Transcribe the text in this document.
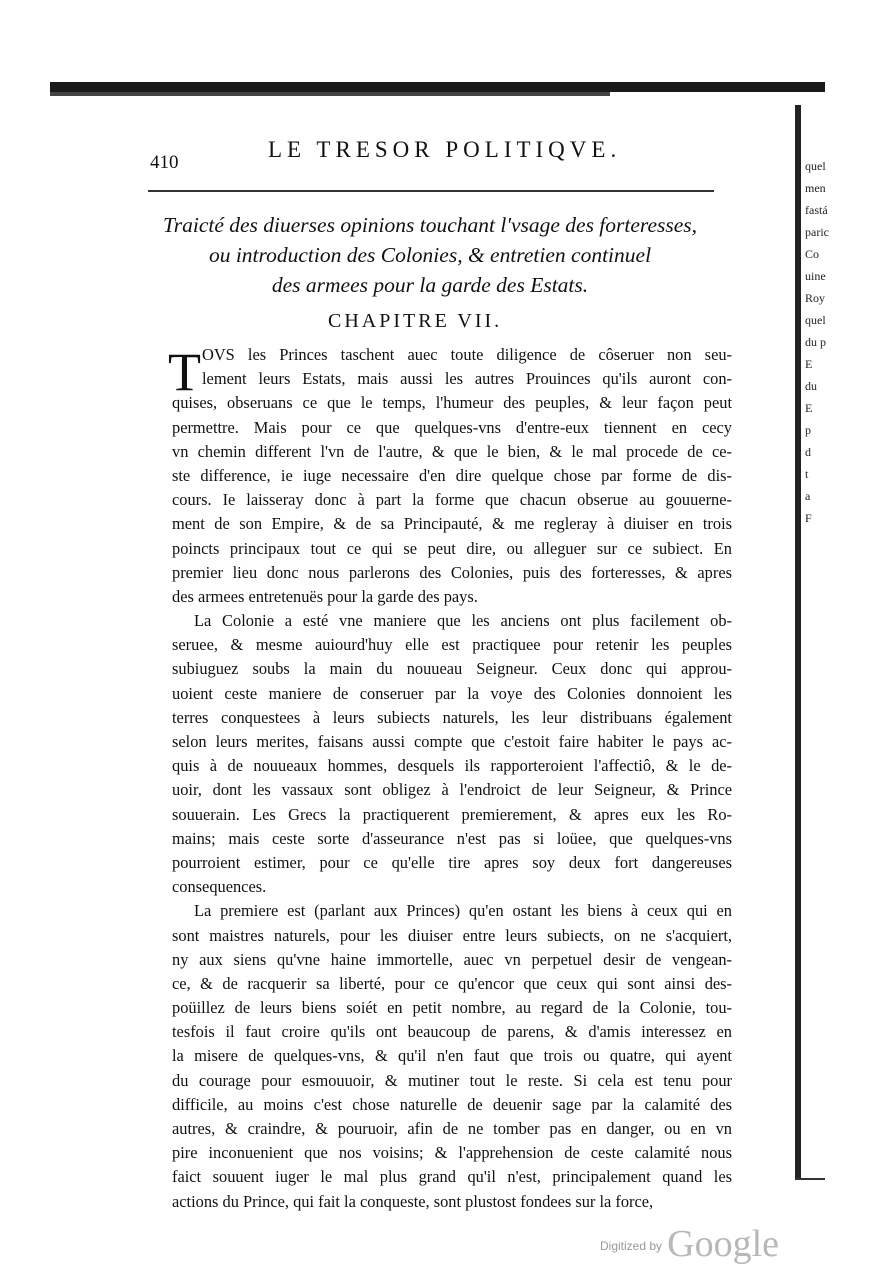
410
LE TRESOR POLITIQVE.
Traicté des diuerses opinions touchant l'vsage des forteresses,
ou introduction des Colonies, & entretien continuel
des armees pour la garde des Estats.
CHAPITRE VII.
T OVS les Princes taschent auec toute diligence de côseruer non seu-
lement leurs Estats, mais aussi les autres Prouinces qu'ils auront con-
quises, obseruans ce que le temps, l'humeur des peuples, & leur façon peut
permettre. Mais pour ce que quelques-vns d'entre-eux tiennent en cecy
vn chemin different l'vn de l'autre, & que le bien, & le mal procede de ce-
ste difference, ie iuge necessaire d'en dire quelque chose par forme de dis-
cours. Ie laisseray donc à part la forme que chacun obserue au gouuerne-
ment de son Empire, & de sa Principauté, & me regleray à diuiser en trois
poincts principaux tout ce qui se peut dire, ou alleguer sur ce subiect. En
premier lieu donc nous parlerons des Colonies, puis des forteresses, & apres
des armees entretenuës pour la garde des pays.
La Colonie a esté vne maniere que les anciens ont plus facilement ob-
seruee, & mesme auiourd'huy elle est practiquee pour retenir les peuples
subiuguez soubs la main du nouueau Seigneur. Ceux donc qui approu-
uoient ceste maniere de conseruer par la voye des Colonies donnoient les
terres conquestees à leurs subiects naturels, les leur distribuans également
selon leurs merites, faisans aussi compte que c'estoit faire habiter le pays ac-
quis à de nouueaux hommes, desquels ils rapporteroient l'affectiô, & le de-
uoir, dont les vassaux sont obligez à l'endroict de leur Seigneur, & Prince
souuerain. Les Grecs la practiquerent premierement, & apres eux les Ro-
mains; mais ceste sorte d'asseurance n'est pas si loüee, que quelques-vns
pourroient estimer, pour ce qu'elle tire apres soy deux fort dangereuses
consequences.
La premiere est (parlant aux Princes) qu'en ostant les biens à ceux qui en
sont maistres naturels, pour les diuiser entre leurs subiects, on ne s'acquiert,
ny aux siens qu'vne haine immortelle, auec vn perpetuel desir de vengean-
ce, & de racquerir sa liberté, pour ce qu'encor que ceux qui sont ainsi des-
poüillez de leurs biens soiét en petit nombre, au regard de la Colonie, tou-
tesfois il faut croire qu'ils ont beaucoup de parens, & d'amis interessez en
la misere de quelques-vns, & qu'il n'en faut que trois ou quatre, qui ayent
du courage pour esmouuoir, & mutiner tout le reste. Si cela est tenu pour
difficile, au moins c'est chose naturelle de deuenir sage par la calamité des
autres, & craindre, & pouruoir, afin de ne tomber pas en danger, ou en vn
pire inconuenient que nos voisins; & l'apprehension de ceste calamité nous
faict souuent iuger le mal plus grand qu'il n'est, principalement quand les
actions du Prince, qui fait la conqueste, sont plustost fondees sur la force,
quel
men
fastá
paric
Co
uine
Roy
quel
du p
E
du
E
p
d
t
a
F
Digitized by Google
